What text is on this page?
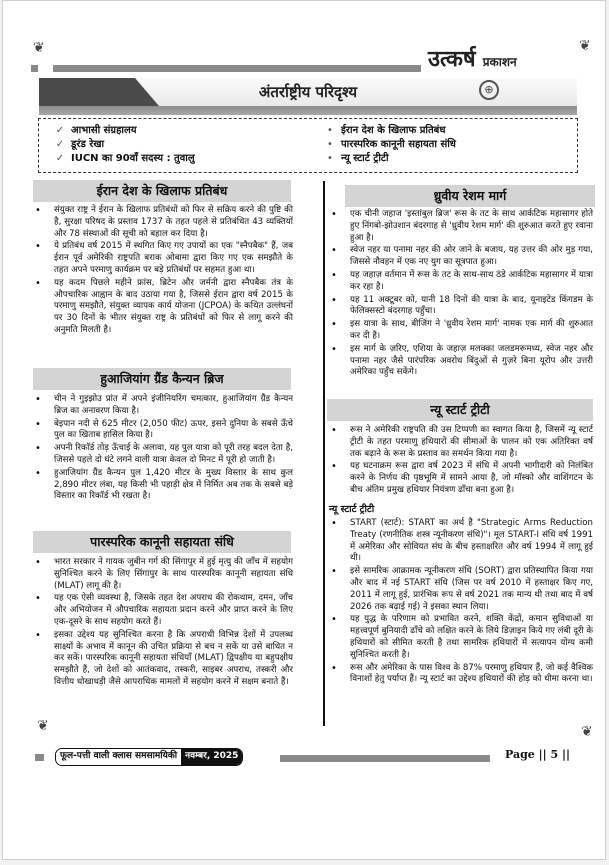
❦	उत्कर्ष प्रकाशन
❦
अंतर्राष्ट्रीय परिदृश्य	⊕
✓ आभासी संग्रहालय
✓ डूरंड रेखा
✓ IUCN का 90वाँ सदस्य : तुवालु
• ईरान देश के खिलाफ प्रतिबंध
• पारस्परिक कानूनी सहायता संधि
• न्यू स्टार्ट ट्रीटी
ईरान देश के खिलाफ प्रतिबंध
• संयुक्त राष्ट्र ने ईरान के खिलाफ प्रतिबंधों को फिर से सक्रिय करने की पुष्टि की है, सुरक्षा परिषद के प्रस्ताव 1737 के तहत पहले से प्रतिबंधित 43 व्यक्तियों और 78 संस्थाओं की सूची को बहाल कर दिया है।
• ये प्रतिबंध वर्ष 2015 में स्थगित किए गए उपायों का एक "स्नैपबैक" हैं, जब ईरान पूर्व अमेरिकी राष्ट्रपति बराक ओबामा द्वारा किए गए एक समझौते के तहत अपने परमाणु कार्यक्रम पर बड़े प्रतिबंधों पर सहमत हुआ था।
• यह कदम पिछले महीने फ्रांस, ब्रिटेन और जर्मनी द्वारा स्नैपबैक तंत्र के औपचारिक आह्वान के बाद उठाया गया है, जिससे ईरान द्वारा वर्ष 2015 के परमाणु समझौते, संयुक्त व्यापक कार्य योजना (JCPOA) के कथित उल्लंघनों पर 30 दिनों के भीतर संयुक्त राष्ट्र के प्रतिबंधों को फिर से लागू करने की अनुमति मिलती है।
हुआजियांग ग्रैंड कैन्यन ब्रिज
• चीन ने गुइझोउ प्रांत में अपने इंजीनियरिंग चमत्कार, हुआजियांग ग्रैंड कैन्यन ब्रिज का अनावरण किया है।
• बेइपान नदी से 625 मीटर (2,050 फीट) ऊपर, इसने दुनिया के सबसे ऊँचे पुल का खिताब हासिल किया है।
• अपनी रिकॉर्ड तोड़ ऊँचाई के अलावा, यह पुल यात्रा को पूरी तरह बदल देता है, जिससे पहले दो घंटे लगने वाली यात्रा केवल दो मिनट में पूरी हो जाती है।
• हुआजियांग ग्रैंड कैन्यन पुल 1,420 मीटर के मुख्य विस्तार के साथ कुल 2,890 मीटर लंबा, यह किसी भी पहाड़ी क्षेत्र में निर्मित अब तक के सबसे बड़े विस्तार का रिकॉर्ड भी रखता है।
पारस्परिक कानूनी सहायता संधि
• भारत सरकार ने गायक जुबीन गर्ग की सिंगापुर में हुई मृत्यु की जाँच में सहयोग सुनिश्चित करने के लिए सिंगापुर के साथ पारस्परिक कानूनी सहायता संधि (MLAT) लागू की है।
• यह एक ऐसी व्यवस्था है, जिसके तहत देश अपराध की रोकथाम, दमन, जाँच और अभियोजन में औपचारिक सहायता प्रदान करने और प्राप्त करने के लिए एक-दूसरे के साथ सहयोग करते हैं।
• इसका उद्देश्य यह सुनिश्चित करना है कि अपराधी विभिन्न देशों में उपलब्ध साक्ष्यों के अभाव में कानून की उचित प्रक्रिया से बच न सकें या उसे बाधित न कर सकें। पारस्परिक कानूनी सहायता संधियाँ (MLAT) द्विपक्षीय या बहुपक्षीय समझौते हैं, जो देशों को आतंकवाद, तस्करी, साइबर अपराध, तस्करी और वित्तीय धोखाधड़ी जैसे आपराधिक मामलों में सहयोग करने में सक्षम बनाते हैं।
ध्रुवीय रेशम मार्ग
• एक चीनी जहाज 'इस्तांबुल ब्रिज' रूस के तट के साथ आर्कटिक महासागर होते हुए निंगबो-झोउशान बंदरगाह से 'ध्रुवीय रेशम मार्ग' की शुरुआत करते हुए रवाना हुआ है।
• स्वेज नहर या पनामा नहर की ओर जाने के बजाय, यह उत्तर की ओर मुड़ गया, जिससे नौवहन में एक नए युग का सूत्रपात हुआ।
• यह जहाज़ वर्तमान में रूस के तट के साथ-साथ ठंडे आर्कटिक महासागर में यात्रा कर रहा है।
• यह 11 अक्टूबर को, यानी 18 दिनों की यात्रा के बाद, यूनाइटेड किंगडम के फेलिक्सस्टो बंदरगाह पहुँचा।
• इस यात्रा के साथ, बीजिंग ने 'ध्रुवीय रेशम मार्ग' नामक एक मार्ग की शुरुआत कर दी है।
• इस मार्ग के ज़रिए, एशिया के जहाज़ मलक्का जलडमरूमध्य, स्वेज नहर और पनामा नहर जैसे पारंपरिक अवरोध बिंदुओं से गुज़रे बिना यूरोप और उत्तरी अमेरिका पहुँच सकेंगे।
न्यू स्टार्ट ट्रीटी
• रूस ने अमेरिकी राष्ट्रपति की उस टिप्पणी का स्वागत किया है, जिसमें न्यू स्टार्ट ट्रीटी के तहत परमाणु हथियारों की सीमाओं के पालन को एक अतिरिक्त वर्ष तक बढ़ाने के रूस के प्रस्ताव का समर्थन किया गया है।
• यह घटनाक्रम रूस द्वारा वर्ष 2023 में संधि में अपनी भागीदारी को निलंबित करने के निर्णय की पृष्ठभूमि में सामने आया है, जो मॉस्को और वाशिंगटन के बीच अंतिम प्रमुख हथियार नियंत्रण ढाँचा बना हुआ है।
न्यू स्टार्ट ट्रीटी
• START (स्टार्ट): START का अर्थ है "Strategic Arms Reduction Treaty (रणनीतिक शस्त्र न्यूनीकरण संधि)"। मूल START-I संधि वर्ष 1991 में अमेरिका और सोवियत संघ के बीच हस्ताक्षरित और वर्ष 1994 में लागू हुई थी।
• इसे सामरिक आक्रामक न्यूनीकरण संधि (SORT) द्वारा प्रतिस्थापित किया गया और बाद में नई START संधि (जिस पर वर्ष 2010 में हस्ताक्षर किए गए, 2011 में लागू हुई, प्रारंभिक रूप से वर्ष 2021 तक मान्य थी तथा बाद में वर्ष 2026 तक बढ़ाई गई) ने इसका स्थान लिया।
• यह युद्ध के परिणाम को प्रभावित करने, शक्ति केंद्रों, कमान सुविधाओं या महत्त्वपूर्ण बुनियादी ढाँचे को लक्षित करने के लिये डिज़ाइन किये गए लंबी दूरी के हथियारों को सीमित करती है तथा सामरिक हथियारों में सत्यापन योग्य कमी सुनिश्चित करती है।
• रूस और अमेरिका के पास विश्व के 87% परमाणु हथियार हैं, जो कई वैश्विक विनाशों हेतु पर्याप्त हैं। न्यू स्टार्ट का उद्देश्य हथियारों की होड़ को धीमा करना था।
❦	❦
फूल-पत्ती वाली क्लास समसामयिकी नवम्बर, 2025	Page || 5 ||
